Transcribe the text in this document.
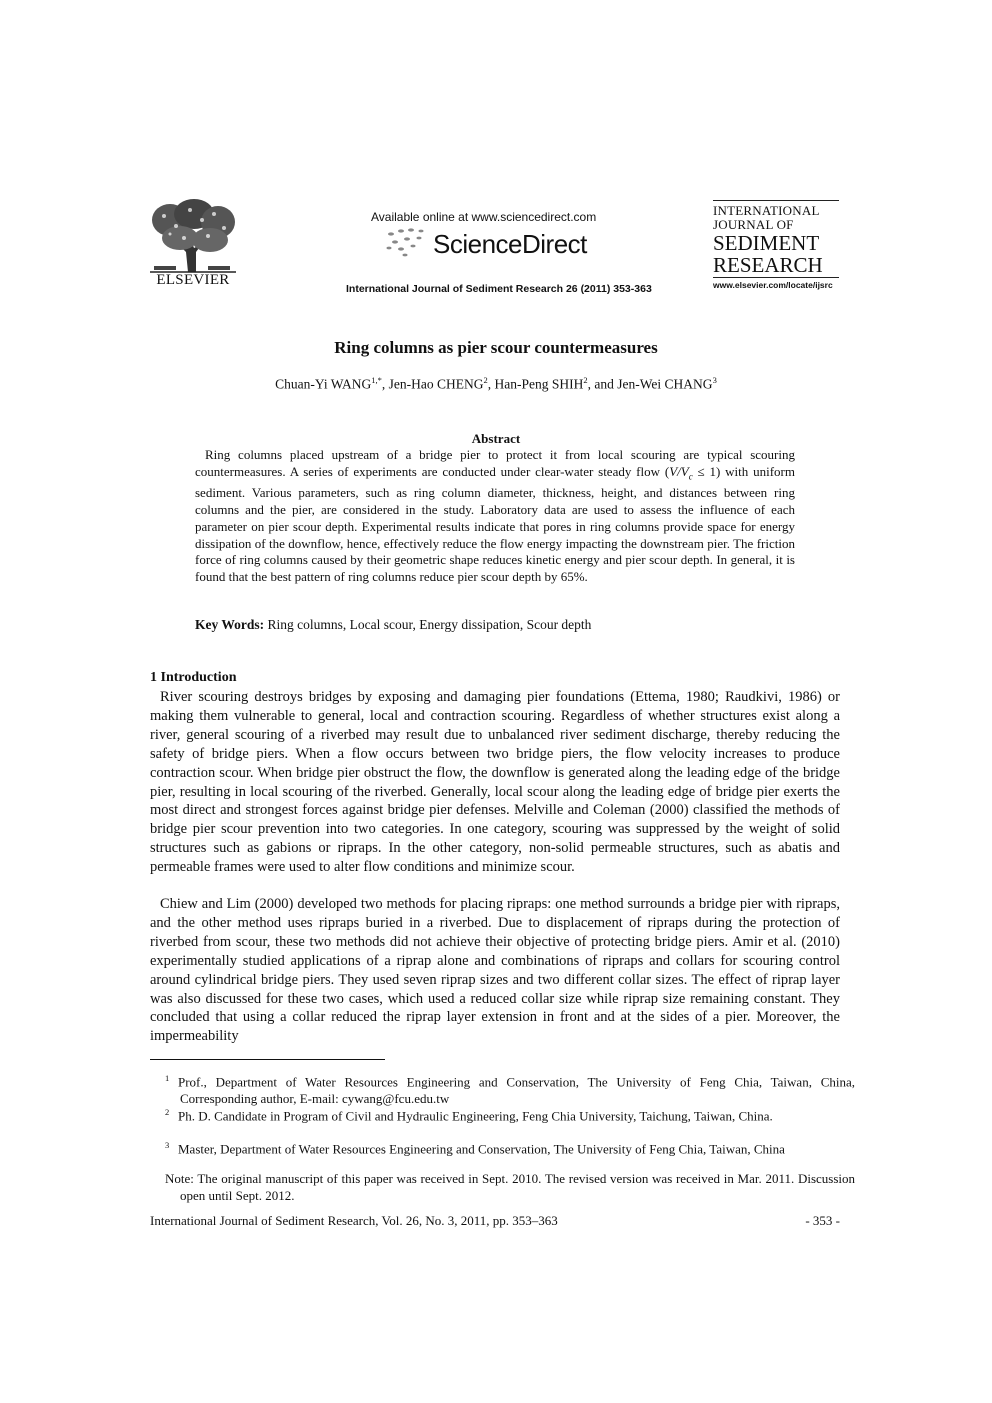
ELSEVIER
Available online at www.sciencedirect.com
ScienceDirect
International Journal of Sediment Research 26 (2011) 353-363
INTERNATIONAL
JOURNAL OF
SEDIMENT
RESEARCH
www.elsevier.com/locate/ijsrc
Ring columns as pier scour countermeasures
Chuan-Yi $WANG^{1,*}$, Jen-Hao CHENG$^2$, Han-Peng SHIH$^2$, and Jen-Wei CHANG$^3$
Abstract
Ring columns placed upstream of a bridge pier to protect it from local scouring are typical scouring countermeasures. A series of experiments are conducted under clear-water steady flow $(V/V_c \le 1)$ with uniform sediment. Various parameters, such as ring column diameter, thickness, height, and distances between ring columns and the pier, are considered in the study. Laboratory data are used to assess the influence of each parameter on pier scour depth. Experimental results indicate that pores in ring columns provide space for energy dissipation of the downflow, hence, effectively reduce the flow energy impacting the downstream pier. The friction force of ring columns caused by their geometric shape reduces kinetic energy and pier scour depth. In general, it is found that the best pattern of ring columns reduce pier scour depth by 65%.
Key Words: Ring columns, Local scour, Energy dissipation, Scour depth
1 Introduction
River scouring destroys bridges by exposing and damaging pier foundations (Ettema, 1980; Raudkivi, 1986) or making them vulnerable to general, local and contraction scouring. Regardless of whether structures exist along a river, general scouring of a riverbed may result due to unbalanced river sediment discharge, thereby reducing the safety of bridge piers. When a flow occurs between two bridge piers, the flow velocity increases to produce contraction scour. When bridge pier obstruct the flow, the downflow is generated along the leading edge of the bridge pier, resulting in local scouring of the riverbed. Generally, local scour along the leading edge of bridge pier exerts the most direct and strongest forces against bridge pier defenses. Melville and Coleman (2000) classified the methods of bridge pier scour prevention into two categories. In one category, scouring was suppressed by the weight of solid structures such as gabions or ripraps. In the other category, non-solid permeable structures, such as abatis and permeable frames were used to alter flow conditions and minimize scour.
Chiew and Lim (2000) developed two methods for placing ripraps: one method surrounds a bridge pier with ripraps, and the other method uses ripraps buried in a riverbed. Due to displacement of ripraps during the protection of riverbed from scour, these two methods did not achieve their objective of protecting bridge piers. Amir et al. (2010) experimentally studied applications of a riprap alone and combinations of ripraps and collars for scouring control around cylindrical bridge piers. They used seven riprap sizes and two different collar sizes. The effect of riprap layer was also discussed for these two cases, which used a reduced collar size while riprap size remaining constant. They concluded that using a collar reduced the riprap layer extension in front and at the sides of a pier. Moreover, the impermeability
$^1$ Prof., Department of Water Resources Engineering and Conservation, The University of Feng Chia, Taiwan, China, Corresponding author, E-mail: cywang@fcu.edu.tw
$^2$ Ph. D. Candidate in Program of Civil and Hydraulic Engineering, Feng Chia University, Taichung, Taiwan, China.
$^3$ Master, Department of Water Resources Engineering and Conservation, The University of Feng Chia, Taiwan, China
Note: The original manuscript of this paper was received in Sept. 2010. The revised version was received in Mar. 2011. Discussion open until Sept. 2012.
International Journal of Sediment Research, Vol. 26, No. 3, 2011, pp. 353–363	- 353 -
